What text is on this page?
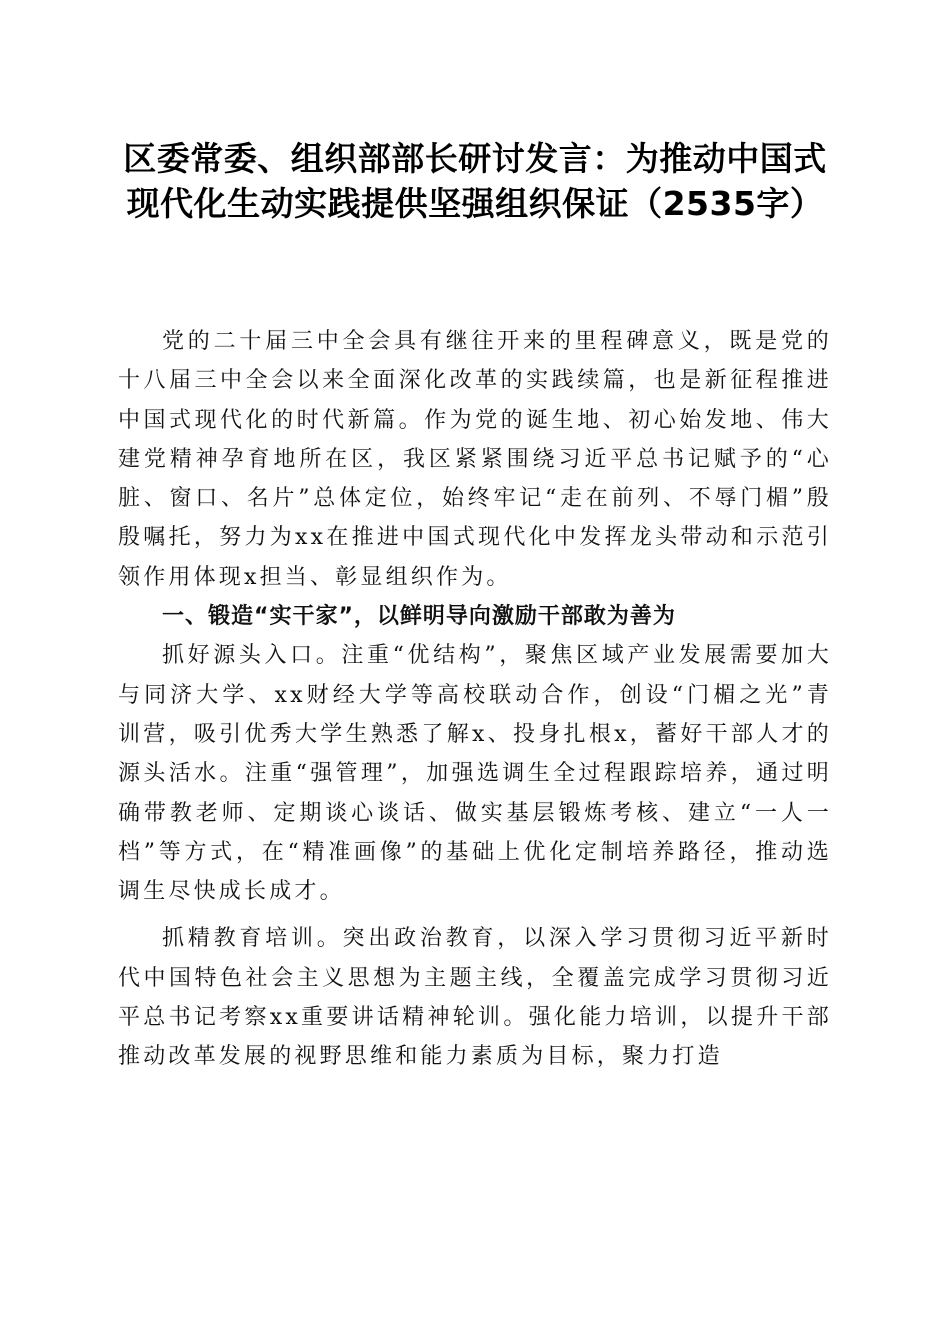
区委常委、组织部部长研讨发言：为推动中国式现代化生动实践提供坚强组织保证（2535字）

党的二十届三中全会具有继往开来的里程碑意义，既是党的十八届三中全会以来全面深化改革的实践续篇，也是新征程推进中国式现代化的时代新篇。作为党的诞生地、初心始发地、伟大建党精神孕育地所在区，我区紧紧围绕习近平总书记赋予的“心脏、窗口、名片”总体定位，始终牢记“走在前列、不辱门楣”殷殷嘱托，努力为xx在推进中国式现代化中发挥龙头带动和示范引领作用体现x担当、彰显组织作为。

一、锻造“实干家”，以鲜明导向激励干部敢为善为

抓好源头入口。注重“优结构”，聚焦区域产业发展需要加大与同济大学、xx财经大学等高校联动合作，创设“门楣之光”青训营，吸引优秀大学生熟悉了解x、投身扎根x，蓄好干部人才的源头活水。注重“强管理”，加强选调生全过程跟踪培养，通过明确带教老师、定期谈心谈话、做实基层锻炼考核、建立“一人一档”等方式，在“精准画像”的基础上优化定制培养路径，推动选调生尽快成长成才。

抓精教育培训。突出政治教育，以深入学习贯彻习近平新时代中国特色社会主义思想为主题主线，全覆盖完成学习贯彻习近平总书记考察xx重要讲话精神轮训。强化能力培训，以提升干部推动改革发展的视野思维和能力素质为目标，聚力打造
